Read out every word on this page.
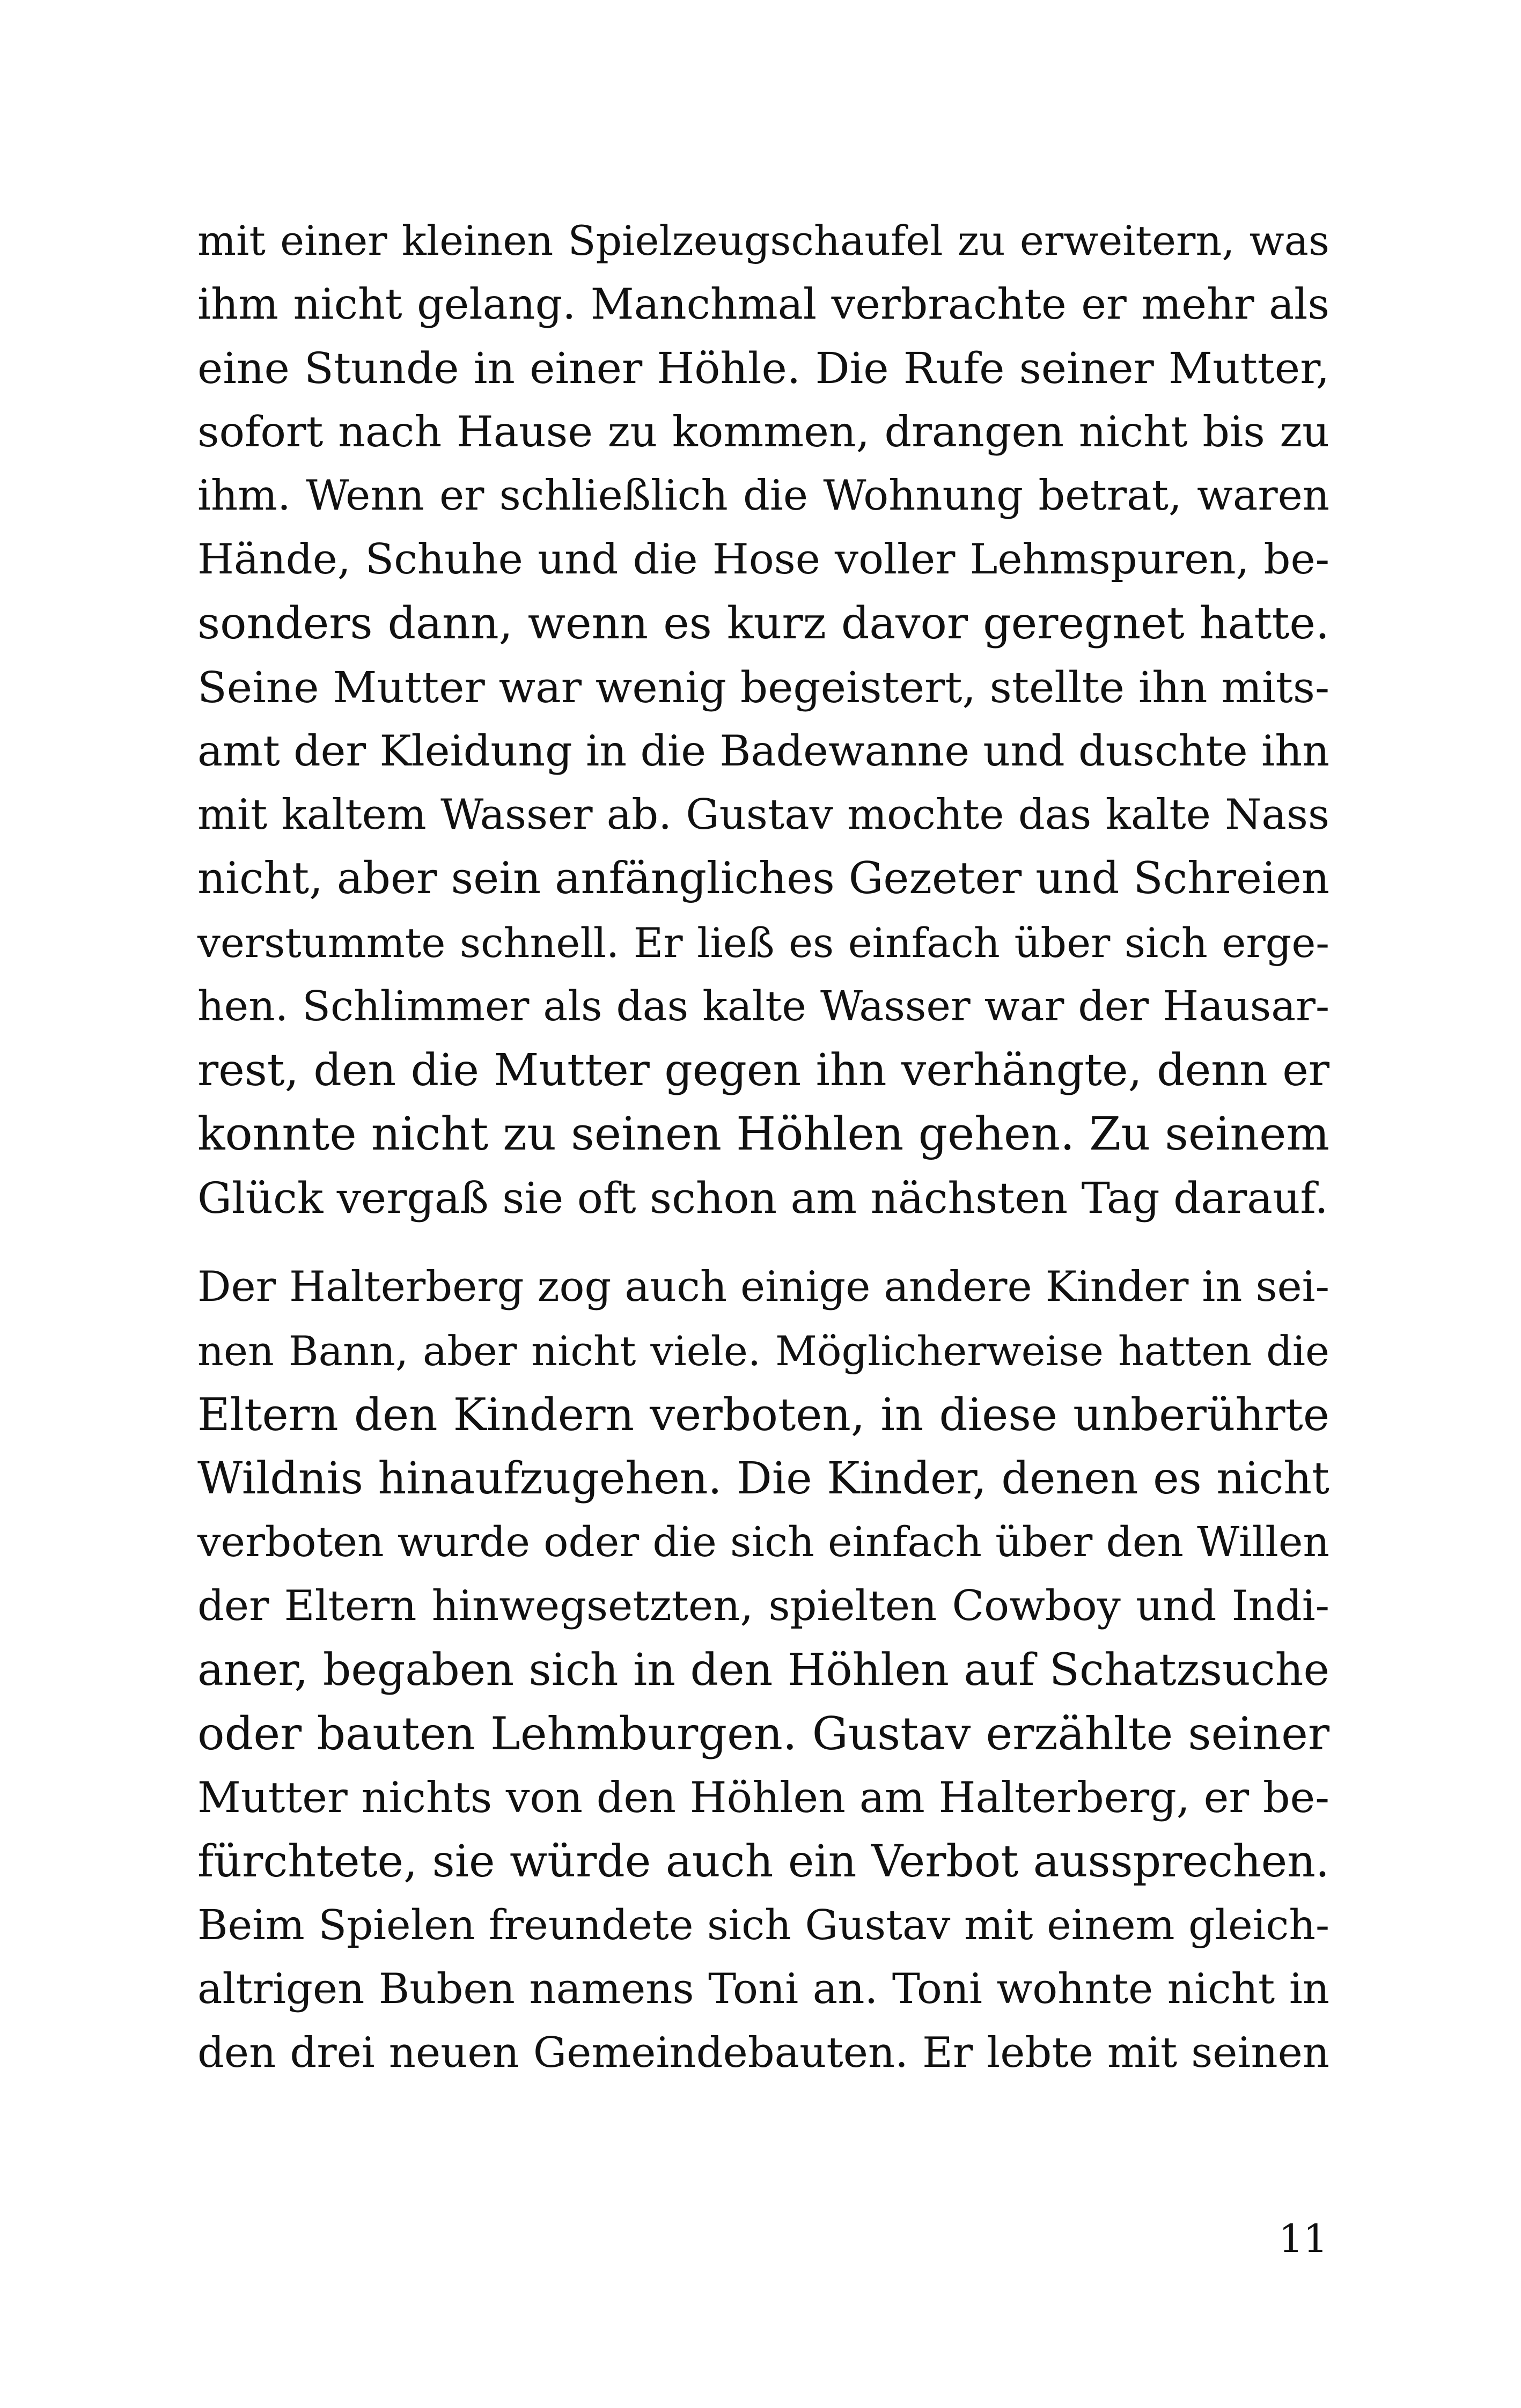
mit einer kleinen Spielzeugschaufel zu erweitern, was
ihm nicht gelang. Manchmal verbrachte er mehr als
eine Stunde in einer Höhle. Die Rufe seiner Mutter,
sofort nach Hause zu kommen, drangen nicht bis zu
ihm. Wenn er schließlich die Wohnung betrat, waren
Hände, Schuhe und die Hose voller Lehmspuren, be-
sonders dann, wenn es kurz davor geregnet hatte.
Seine Mutter war wenig begeistert, stellte ihn mits-
amt der Kleidung in die Badewanne und duschte ihn
mit kaltem Wasser ab. Gustav mochte das kalte Nass
nicht, aber sein anfängliches Gezeter und Schreien
verstummte schnell. Er ließ es einfach über sich erge-
hen. Schlimmer als das kalte Wasser war der Hausar-
rest, den die Mutter gegen ihn verhängte, denn er
konnte nicht zu seinen Höhlen gehen. Zu seinem
Glück vergaß sie oft schon am nächsten Tag darauf.
Der Halterberg zog auch einige andere Kinder in sei-
nen Bann, aber nicht viele. Möglicherweise hatten die
Eltern den Kindern verboten, in diese unberührte
Wildnis hinaufzugehen. Die Kinder, denen es nicht
verboten wurde oder die sich einfach über den Willen
der Eltern hinwegsetzten, spielten Cowboy und Indi-
aner, begaben sich in den Höhlen auf Schatzsuche
oder bauten Lehmburgen. Gustav erzählte seiner
Mutter nichts von den Höhlen am Halterberg, er be-
fürchtete, sie würde auch ein Verbot aussprechen.
Beim Spielen freundete sich Gustav mit einem gleich-
altrigen Buben namens Toni an. Toni wohnte nicht in
den drei neuen Gemeindebauten. Er lebte mit seinen
11
